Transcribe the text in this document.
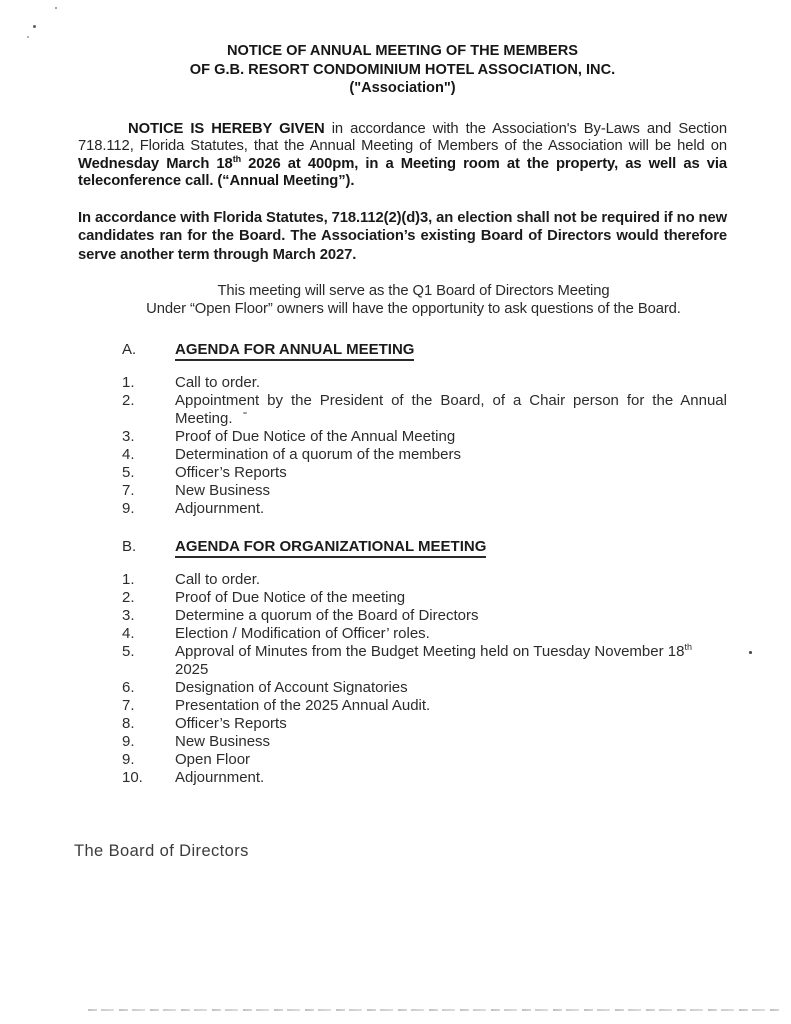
NOTICE OF ANNUAL MEETING OF THE MEMBERS
OF G.B. RESORT CONDOMINIUM HOTEL ASSOCIATION, INC.
("Association")

NOTICE IS HEREBY GIVEN in accordance with the Association's By-Laws and Section 718.112, Florida Statutes, that the Annual Meeting of Members of the Association will be held on Wednesday March 18th 2026 at 400pm, in a Meeting room at the property, as well as via teleconference call. (“Annual Meeting”).

In accordance with Florida Statutes, 718.112(2)(d)3, an election shall not be required if no new candidates ran for the Board. The Association’s existing Board of Directors would therefore serve another term through March 2027.

This meeting will serve as the Q1 Board of Directors Meeting
Under “Open Floor” owners will have the opportunity to ask questions of the Board.
A.	AGENDA FOR ANNUAL MEETING
1.	Call to order.
2.	Appointment by the President of the Board, of a Chair person for the Annual Meeting.
3.	Proof of Due Notice of the Annual Meeting
4.	Determination of a quorum of the members
5.	Officer’s Reports
7.	New Business
9.	Adjournment.
B.	AGENDA FOR ORGANIZATIONAL MEETING
1.	Call to order.
2.	Proof of Due Notice of the meeting
3.	Determine a quorum of the Board of Directors
4.	Election / Modification of Officer’ roles.
5.	Approval of Minutes from the Budget Meeting held on Tuesday November 18th 2025
6.	Designation of Account Signatories
7.	Presentation of the 2025 Annual Audit.
8.	Officer’s Reports
9.	New Business
9.	Open Floor
10.	Adjournment.
The Board of Directors
